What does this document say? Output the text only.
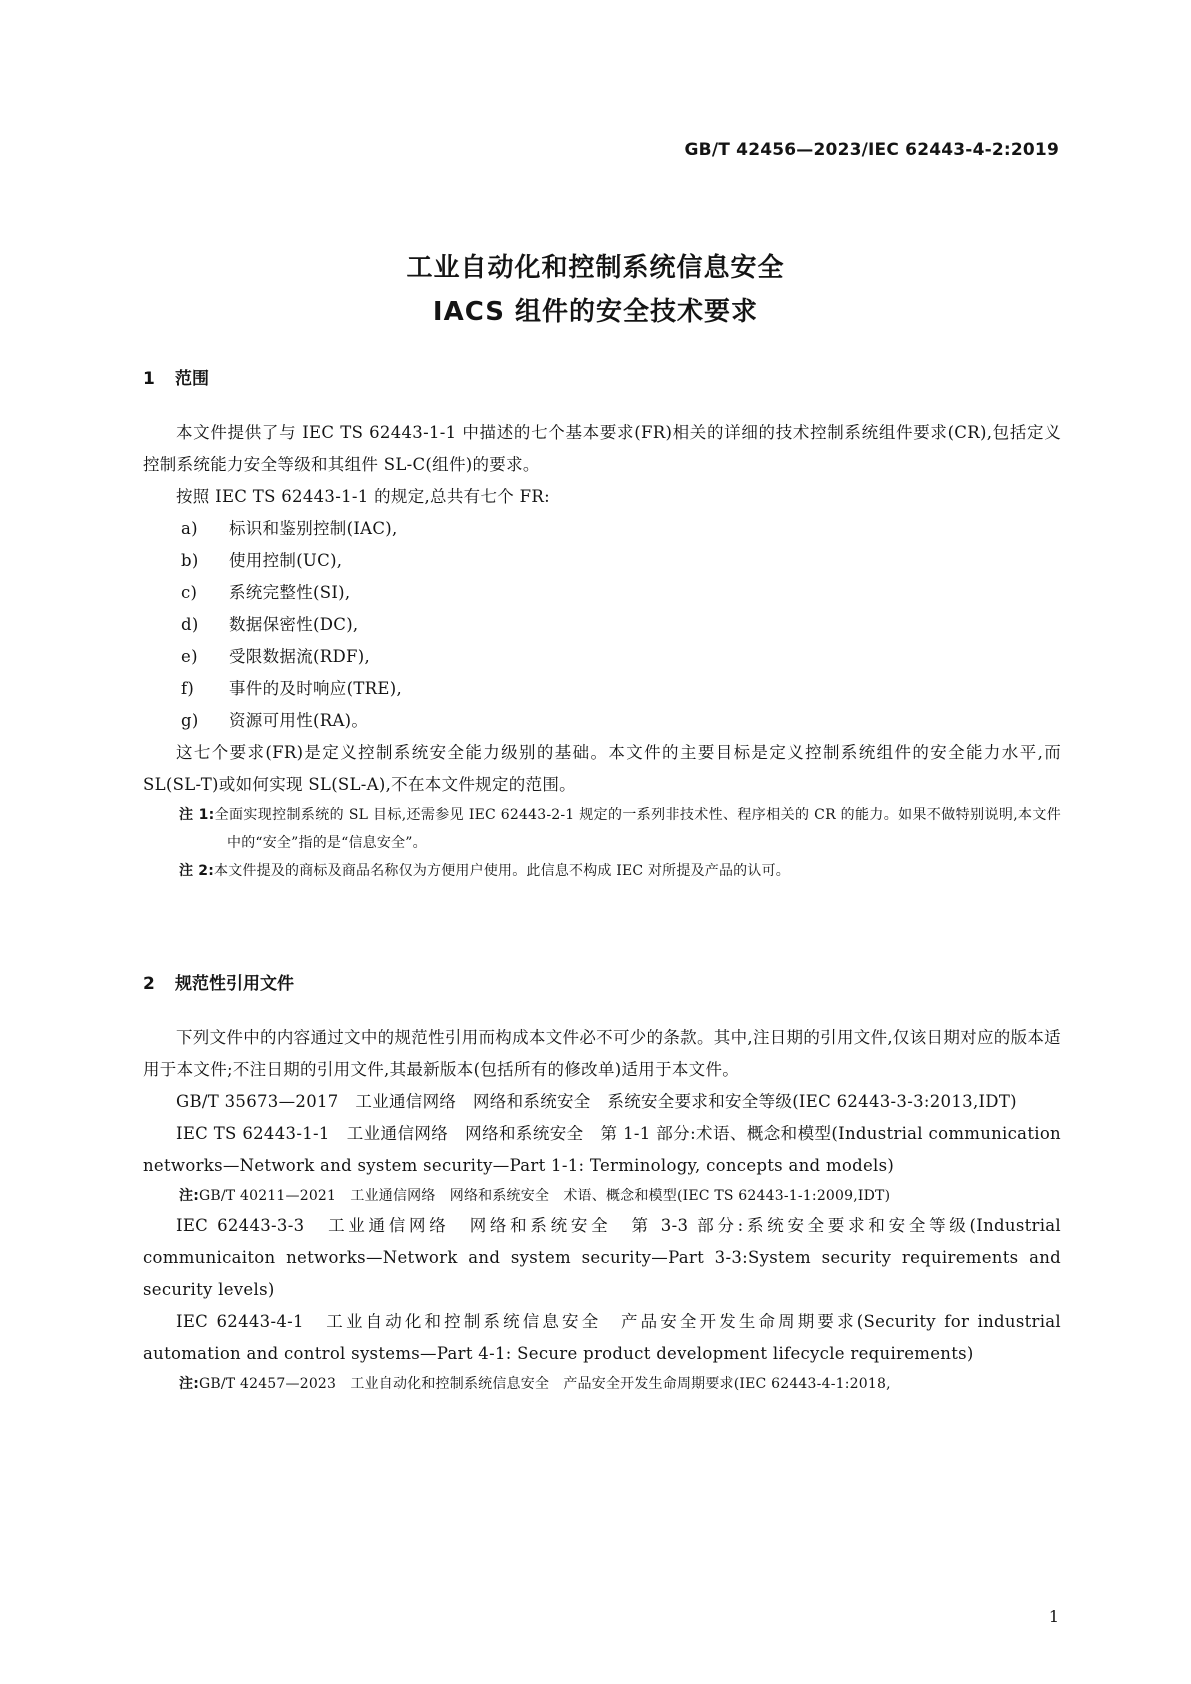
GB/T 42456—2023/IEC 62443-4-2:2019
工业自动化和控制系统信息安全
IACS 组件的安全技术要求
1 范围

本文件提供了与 IEC TS 62443-1-1 中描述的七个基本要求(FR)相关的详细的技术控制系统组件要求(CR),包括定义控制系统能力安全等级和其组件 SL-C(组件)的要求。

按照 IEC TS 62443-1-1 的规定,总共有七个 FR:

a) 标识和鉴别控制(IAC),

b) 使用控制(UC),

c) 系统完整性(SI),

d) 数据保密性(DC),

e) 受限数据流(RDF),

f) 事件的及时响应(TRE),

g) 资源可用性(RA)。

这七个要求(FR)是定义控制系统安全能力级别的基础。本文件的主要目标是定义控制系统组件的安全能力水平,而 SL(SL-T)或如何实现 SL(SL-A),不在本文件规定的范围。

注 1:全面实现控制系统的 SL 目标,还需参见 IEC 62443-2-1 规定的一系列非技术性、程序相关的 CR 的能力。如果不做特别说明,本文件中的“安全”指的是“信息安全”。

注 2:本文件提及的商标及商品名称仅为方便用户使用。此信息不构成 IEC 对所提及产品的认可。

2 规范性引用文件

下列文件中的内容通过文中的规范性引用而构成本文件必不可少的条款。其中,注日期的引用文件,仅该日期对应的版本适用于本文件;不注日期的引用文件,其最新版本(包括所有的修改单)适用于本文件。

GB/T 35673—2017　工业通信网络　网络和系统安全　系统安全要求和安全等级(IEC 62443-3-3:2013,IDT)

IEC TS 62443-1-1　工业通信网络　网络和系统安全　第 1-1 部分:术语、概念和模型(Industrial communication networks—Network and system security—Part 1-1: Terminology, concepts and models)

注:GB/T 40211—2021　工业通信网络　网络和系统安全　术语、概念和模型(IEC TS 62443-1-1:2009,IDT)

IEC 62443-3-3　工业通信网络　网络和系统安全　第 3-3 部分:系统安全要求和安全等级(Industrial communicaiton networks—Network and system security—Part 3-3:System security requirements and security levels)

IEC 62443-4-1　工业自动化和控制系统信息安全　产品安全开发生命周期要求(Security for industrial automation and control systems—Part 4-1: Secure product development lifecycle requirements)

注:GB/T 42457—2023　工业自动化和控制系统信息安全　产品安全开发生命周期要求(IEC 62443-4-1:2018,

1
